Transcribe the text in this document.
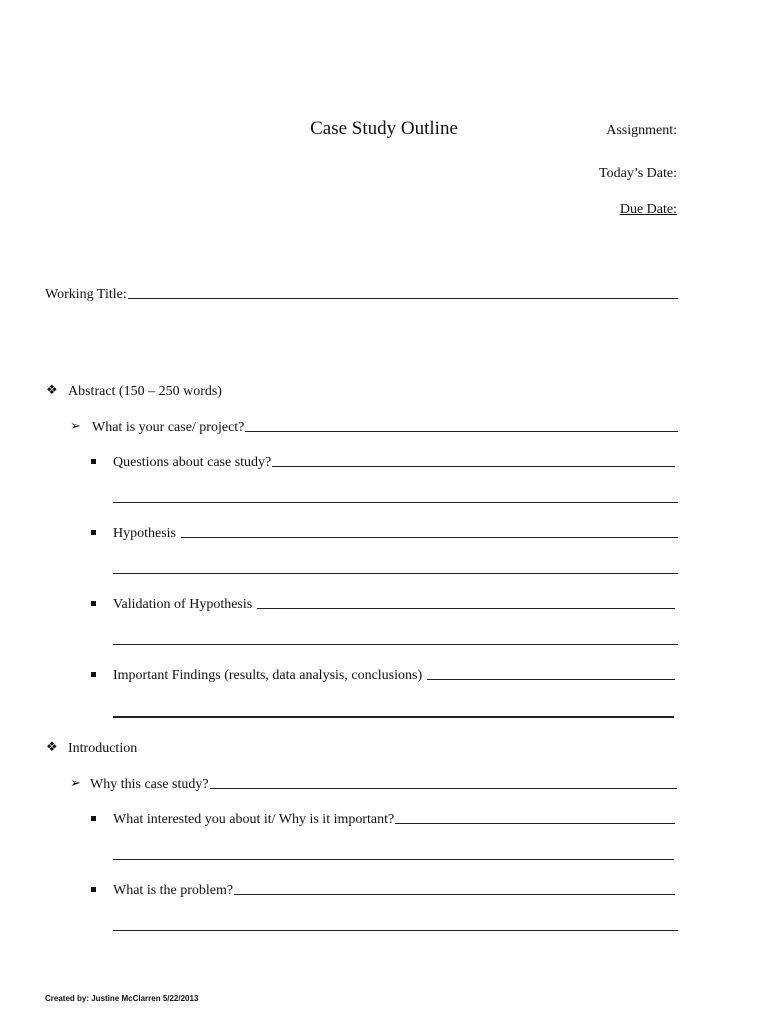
Case Study Outline	Assignment:
Today’s Date:
Due Date:
Working Title:
❖ Abstract (150 – 250 words)
➢ What is your case/ project?
Questions about case study?
Hypothesis
Validation of Hypothesis
Important Findings (results, data analysis, conclusions)
❖ Introduction
➢ Why this case study?
What interested you about it/ Why is it important?
What is the problem?
Created by: Justine McClarren 5/22/2013
